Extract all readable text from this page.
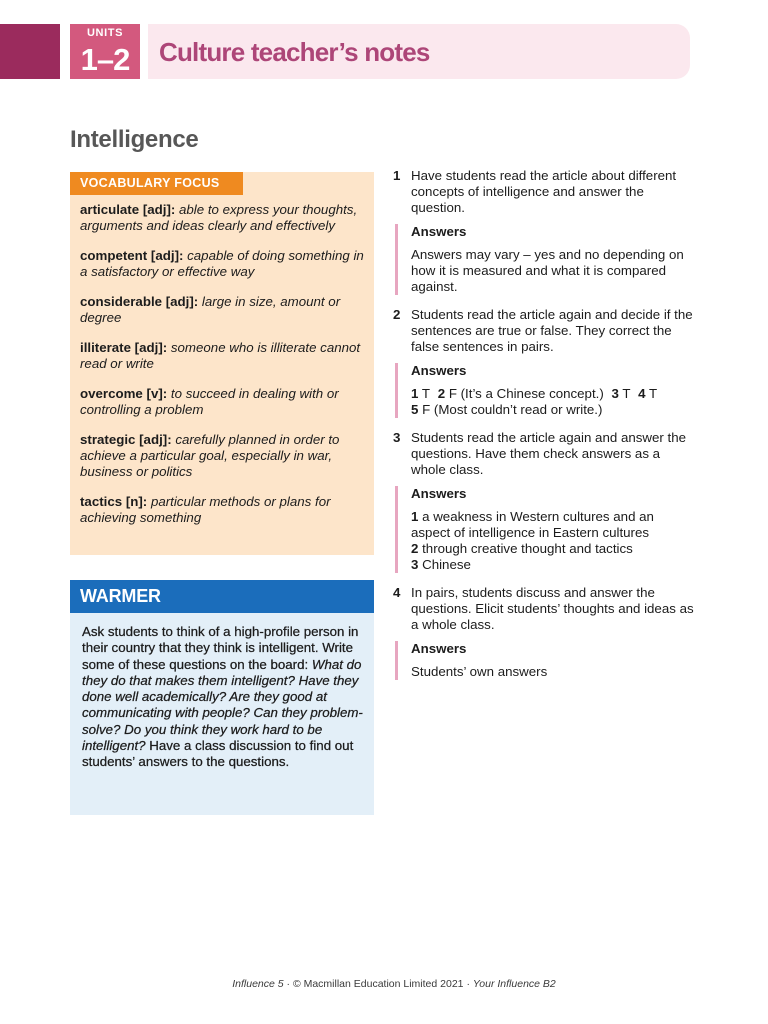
UNITS
1–2	Culture teacher’s notes
Intelligence
VOCABULARY FOCUS

articulate [adj]: able to express your thoughts, arguments and ideas clearly and effectively

competent [adj]: capable of doing something in a satisfactory or effective way

considerable [adj]: large in size, amount or degree

illiterate [adj]: someone who is illiterate cannot read or write

overcome [v]: to succeed in dealing with or controlling a problem

strategic [adj]: carefully planned in order to achieve a particular goal, especially in war, business or politics

tactics [n]: particular methods or plans for achieving something

WARMER
Ask students to think of a high-profile person in their country that they think is intelligent. Write some of these questions on the board: What do they do that makes them intelligent? Have they done well academically? Are they good at communicating with people? Can they problem-solve? Do you think they work hard to be intelligent? Have a class discussion to find out students’ answers to the questions.
1 Have students read the article about different concepts of intelligence and answer the question.
Answers
Answers may vary – yes and no depending on how it is measured and what it is compared against.
2 Students read the article again and decide if the sentences are true or false. They correct the false sentences in pairs.
Answers
1 T 2 F (It’s a Chinese concept.) 3 T 4 T 5 F (Most couldn’t read or write.)
3 Students read the article again and answer the questions. Have them check answers as a whole class.
Answers
1 a weakness in Western cultures and an aspect of intelligence in Eastern cultures
2 through creative thought and tactics
3 Chinese
4 In pairs, students discuss and answer the questions. Elicit students’ thoughts and ideas as a whole class.
Answers
Students’ own answers
Influence 5 · © Macmillan Education Limited 2021 · Your Influence B2
